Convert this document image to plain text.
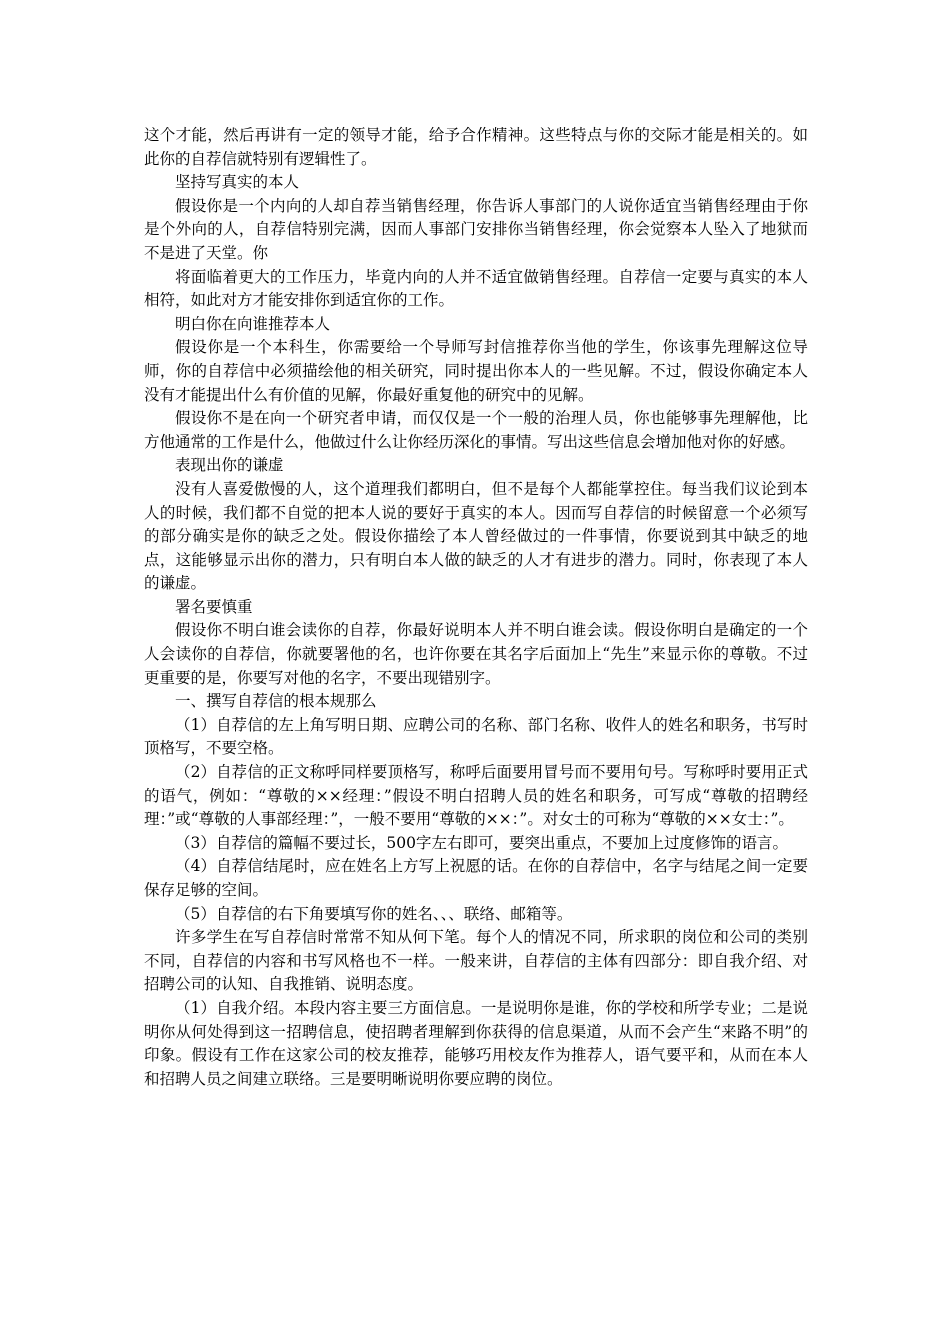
这个才能，然后再讲有一定的领导才能，给予合作精神。这些特点与你的交际才能是相关的。如此你的自荐信就特别有逻辑性了。

坚持写真实的本人

假设你是一个内向的人却自荐当销售经理，你告诉人事部门的人说你适宜当销售经理由于你是个外向的人，自荐信特别完满，因而人事部门安排你当销售经理，你会觉察本人坠入了地狱而不是进了天堂。你

将面临着更大的工作压力，毕竟内向的人并不适宜做销售经理。自荐信一定要与真实的本人相符，如此对方才能安排你到适宜你的工作。

明白你在向谁推荐本人

假设你是一个本科生，你需要给一个导师写封信推荐你当他的学生，你该事先理解这位导师，你的自荐信中必须描绘他的相关研究，同时提出你本人的一些见解。不过，假设你确定本人没有才能提出什么有价值的见解，你最好重复他的研究中的见解。

假设你不是在向一个研究者申请，而仅仅是一个一般的治理人员，你也能够事先理解他，比方他通常的工作是什么，他做过什么让你经历深化的事情。写出这些信息会增加他对你的好感。

表现出你的谦虚

没有人喜爱傲慢的人，这个道理我们都明白，但不是每个人都能掌控住。每当我们议论到本人的时候，我们都不自觉的把本人说的要好于真实的本人。因而写自荐信的时候留意一个必须写的部分确实是你的缺乏之处。假设你描绘了本人曾经做过的一件事情，你要说到其中缺乏的地点，这能够显示出你的潜力，只有明白本人做的缺乏的人才有进步的潜力。同时，你表现了本人的谦虚。

署名要慎重

假设你不明白谁会读你的自荐，你最好说明本人并不明白谁会读。假设你明白是确定的一个人会读你的自荐信，你就要署他的名，也许你要在其名字后面加上“先生”来显示你的尊敬。不过更重要的是，你要写对他的名字，不要出现错别字。

一、撰写自荐信的根本规那么

（1）自荐信的左上角写明日期、应聘公司的名称、部门名称、收件人的姓名和职务，书写时顶格写，不要空格。

（2）自荐信的正文称呼同样要顶格写，称呼后面要用冒号而不要用句号。写称呼时要用正式的语气，例如：“尊敬的××经理：”假设不明白招聘人员的姓名和职务，可写成“尊敬的招聘经理：”或“尊敬的人事部经理：”，一般不要用“尊敬的××：”。对女士的可称为“尊敬的××女士：”。

（3）自荐信的篇幅不要过长，500字左右即可，要突出重点，不要加上过度修饰的语言。

（4）自荐信结尾时，应在姓名上方写上祝愿的话。在你的自荐信中，名字与结尾之间一定要保存足够的空间。

（5）自荐信的右下角要填写你的姓名、、、联络、邮箱等。

许多学生在写自荐信时常常不知从何下笔。每个人的情况不同，所求职的岗位和公司的类别不同，自荐信的内容和书写风格也不一样。一般来讲，自荐信的主体有四部分：即自我介绍、对招聘公司的认知、自我推销、说明态度。

（1）自我介绍。本段内容主要三方面信息。一是说明你是谁，你的学校和所学专业；二是说明你从何处得到这一招聘信息，使招聘者理解到你获得的信息渠道，从而不会产生“来路不明”的印象。假设有工作在这家公司的校友推荐，能够巧用校友作为推荐人，语气要平和，从而在本人和招聘人员之间建立联络。三是要明晰说明你要应聘的岗位。
